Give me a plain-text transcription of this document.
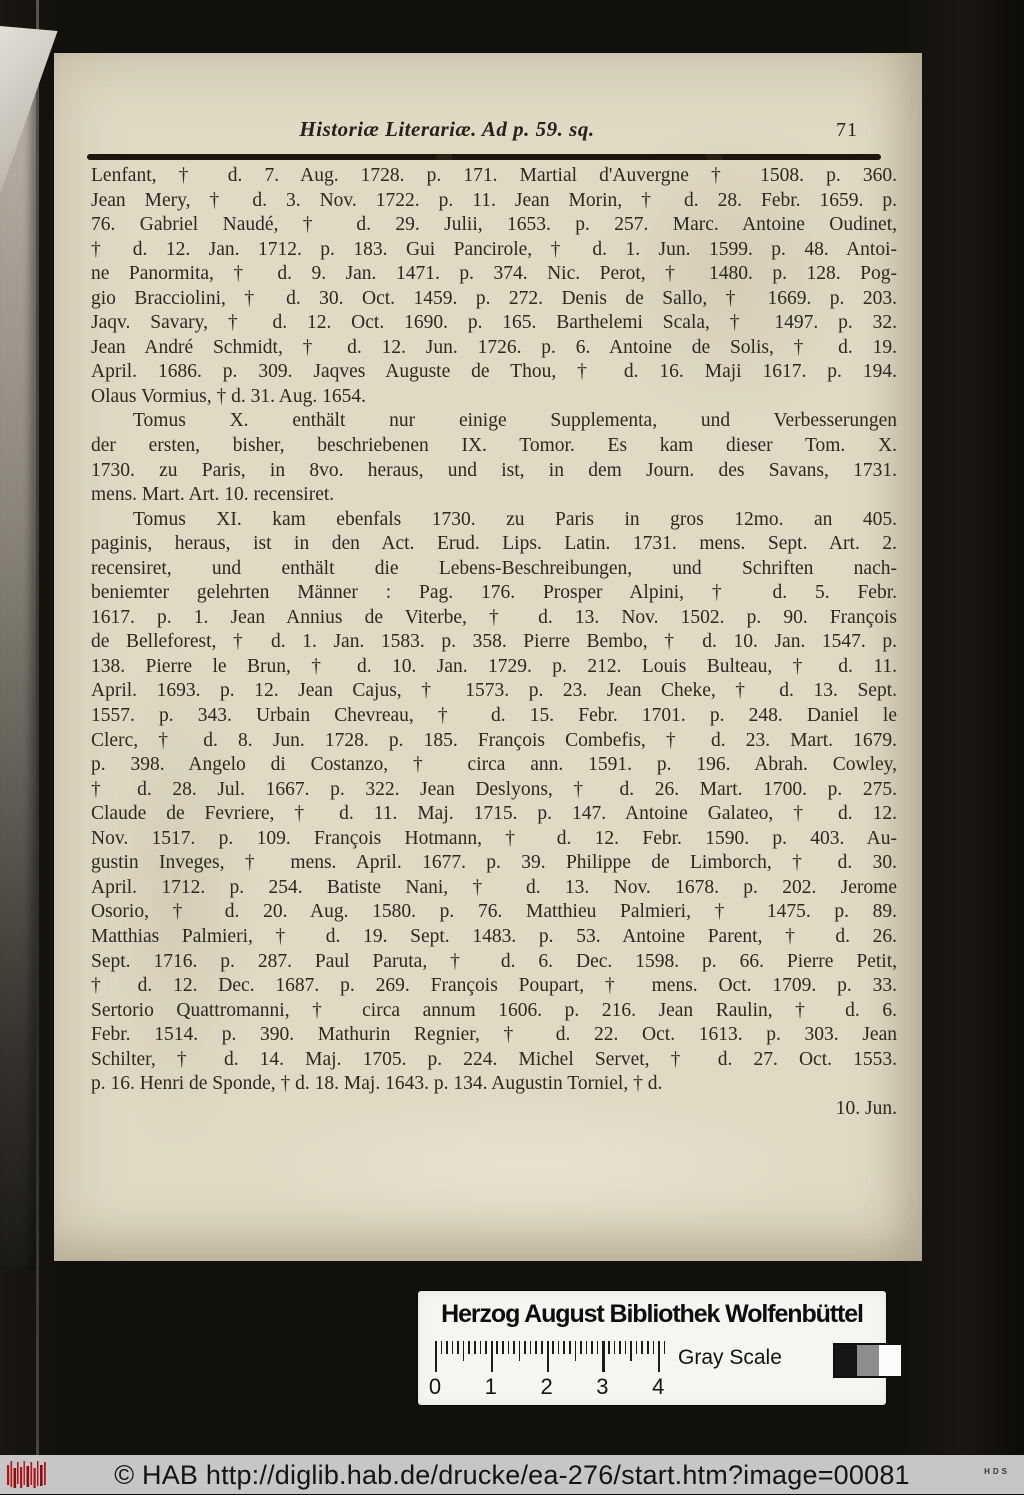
Historiæ Literariæ. Ad p. 59. sq.	71
Lenfant, † d. 7. Aug. 1728. p. 171. Martial d'Auvergne † 1508. p. 360.
Jean Mery, † d. 3. Nov. 1722. p. 11. Jean Morin, † d. 28. Febr. 1659. p.
76. Gabriel Naudé, † d. 29. Julii, 1653. p. 257. Marc. Antoine Oudinet,
† d. 12. Jan. 1712. p. 183. Gui Pancirole, † d. 1. Jun. 1599. p. 48. Antoi-
ne Panormita, † d. 9. Jan. 1471. p. 374. Nic. Perot, † 1480. p. 128. Pog-
gio Bracciolini, † d. 30. Oct. 1459. p. 272. Denis de Sallo, † 1669. p. 203.
Jaqv. Savary, † d. 12. Oct. 1690. p. 165. Barthelemi Scala, † 1497. p. 32.
Jean André Schmidt, † d. 12. Jun. 1726. p. 6. Antoine de Solis, † d. 19.
April. 1686. p. 309. Jaqves Auguste de Thou, † d. 16. Maji 1617. p. 194.
Olaus Vormius, † d. 31. Aug. 1654.
Tomus X. enthält nur einige Supplementa, und Verbesserungen
der ersten, bisher, beschriebenen IX. Tomor. Es kam dieser Tom. X.
1730. zu Paris, in 8vo. heraus, und ist, in dem Journ. des Savans, 1731.
mens. Mart. Art. 10. recensiret.
Tomus XI. kam ebenfals 1730. zu Paris in gros 12mo. an 405.
paginis, heraus, ist in den Act. Erud. Lips. Latin. 1731. mens. Sept. Art. 2.
recensiret, und enthält die Lebens-Beschreibungen, und Schriften nach-
beniemter gelehrten Männer : Pag. 176. Prosper Alpini, † d. 5. Febr.
1617. p. 1. Jean Annius de Viterbe, † d. 13. Nov. 1502. p. 90. François
de Belleforest, † d. 1. Jan. 1583. p. 358. Pierre Bembo, † d. 10. Jan. 1547. p.
138. Pierre le Brun, † d. 10. Jan. 1729. p. 212. Louis Bulteau, † d. 11.
April. 1693. p. 12. Jean Cajus, † 1573. p. 23. Jean Cheke, † d. 13. Sept.
1557. p. 343. Urbain Chevreau, † d. 15. Febr. 1701. p. 248. Daniel le
Clerc, † d. 8. Jun. 1728. p. 185. François Combefis, † d. 23. Mart. 1679.
p. 398. Angelo di Costanzo, † circa ann. 1591. p. 196. Abrah. Cowley,
† d. 28. Jul. 1667. p. 322. Jean Deslyons, † d. 26. Mart. 1700. p. 275.
Claude de Fevriere, † d. 11. Maj. 1715. p. 147. Antoine Galateo, † d. 12.
Nov. 1517. p. 109. François Hotmann, † d. 12. Febr. 1590. p. 403. Au-
gustin Inveges, † mens. April. 1677. p. 39. Philippe de Limborch, † d. 30.
April. 1712. p. 254. Batiste Nani, † d. 13. Nov. 1678. p. 202. Jerome
Osorio, † d. 20. Aug. 1580. p. 76. Matthieu Palmieri, † 1475. p. 89.
Matthias Palmieri, † d. 19. Sept. 1483. p. 53. Antoine Parent, † d. 26.
Sept. 1716. p. 287. Paul Paruta, † d. 6. Dec. 1598. p. 66. Pierre Petit,
† d. 12. Dec. 1687. p. 269. François Poupart, † mens. Oct. 1709. p. 33.
Sertorio Quattromanni, † circa annum 1606. p. 216. Jean Raulin, † d. 6.
Febr. 1514. p. 390. Mathurin Regnier, † d. 22. Oct. 1613. p. 303. Jean
Schilter, † d. 14. Maj. 1705. p. 224. Michel Servet, † d. 27. Oct. 1553.
p. 16. Henri de Sponde, † d. 18. Maj. 1643. p. 134. Augustin Torniel, † d.
10. Jun.
Herzog August Bibliothek Wolfenbüttel
0 1 2 3 4
Gray Scale
© HAB http://diglib.hab.de/drucke/ea-276/start.htm?image=00081	HDS
